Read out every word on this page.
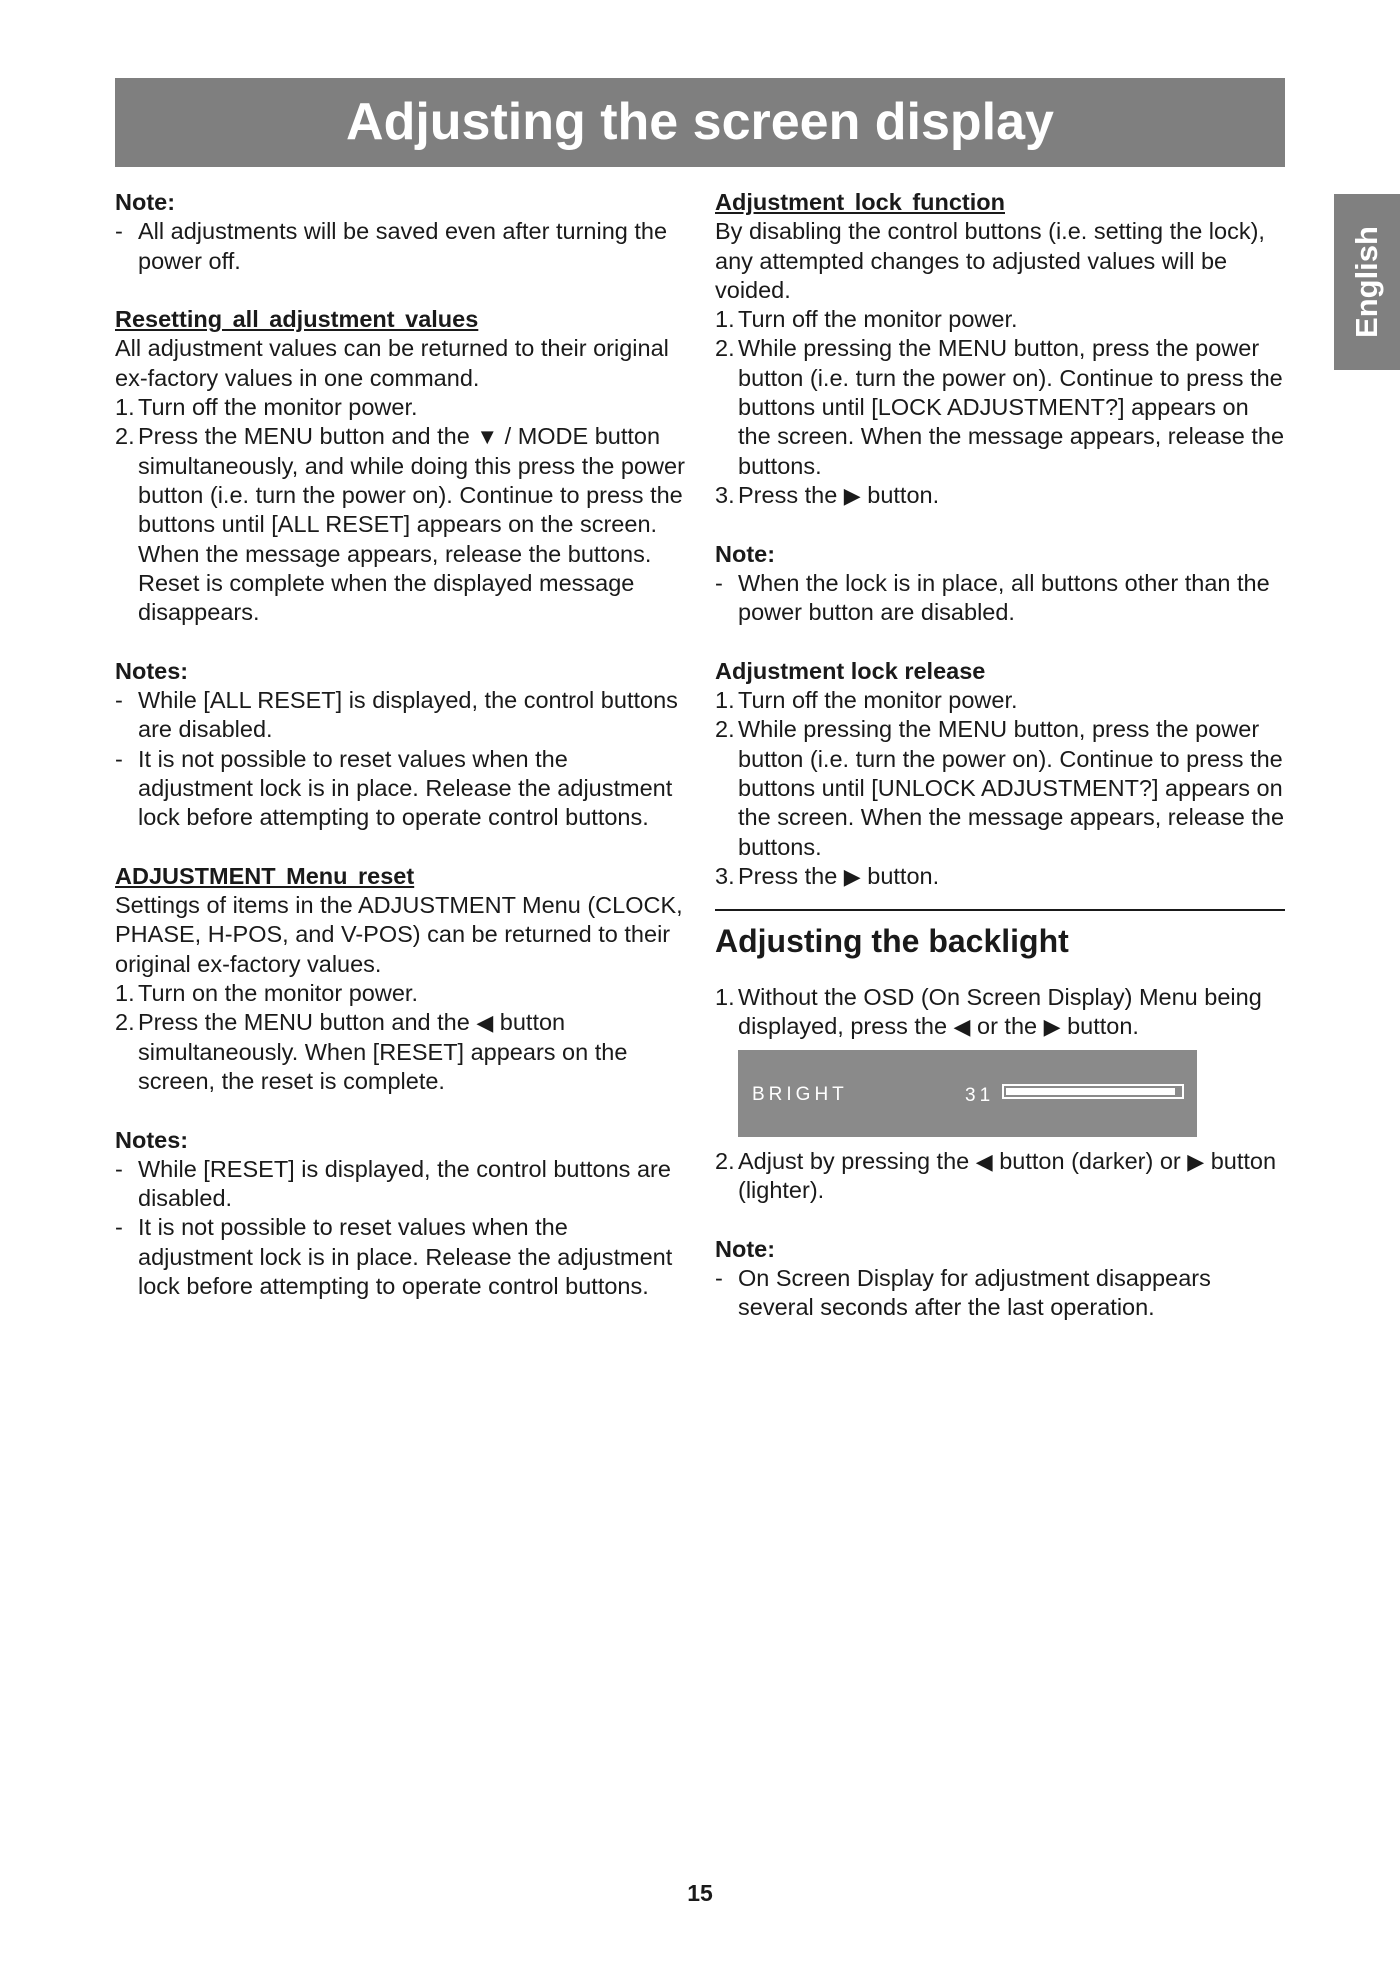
Adjusting the screen display
English
Note:
- All adjustments will be saved even after turning the power off.
Resetting all adjustment values
All adjustment values can be returned to their original ex-factory values in one command.
1. Turn off the monitor power.
2. Press the MENU button and the ▼ / MODE button simultaneously, and while doing this press the power button (i.e. turn the power on). Continue to press the buttons until [ALL RESET] appears on the screen. When the message appears, release the buttons.
Reset is complete when the displayed message disappears.
Notes:
- While [ALL RESET] is displayed, the control buttons are disabled.
- It is not possible to reset values when the adjustment lock is in place. Release the adjustment lock before attempting to operate control buttons.
ADJUSTMENT Menu reset
Settings of items in the ADJUSTMENT Menu (CLOCK, PHASE, H-POS, and V-POS) can be returned to their original ex-factory values.
1. Turn on the monitor power.
2. Press the MENU button and the ◀ button simultaneously. When [RESET] appears on the screen, the reset is complete.
Notes:
- While [RESET] is displayed, the control buttons are disabled.
- It is not possible to reset values when the adjustment lock is in place. Release the adjustment lock before attempting to operate control buttons.
Adjustment lock function
By disabling the control buttons (i.e. setting the lock), any attempted changes to adjusted values will be voided.
1. Turn off the monitor power.
2. While pressing the MENU button, press the power button (i.e. turn the power on). Continue to press the buttons until [LOCK ADJUSTMENT?] appears on the screen. When the message appears, release the buttons.
3. Press the ▶ button.
Note:
- When the lock is in place, all buttons other than the power button are disabled.
Adjustment lock release
1. Turn off the monitor power.
2. While pressing the MENU button, press the power button (i.e. turn the power on). Continue to press the buttons until [UNLOCK ADJUSTMENT?] appears on the screen. When the message appears, release the buttons.
3. Press the ▶ button.
Adjusting the backlight
1. Without the OSD (On Screen Display) Menu being displayed, press the ◀ or the ▶ button.
BRIGHT	31
2. Adjust by pressing the ◀ button (darker) or ▶ button (lighter).
Note:
- On Screen Display for adjustment disappears several seconds after the last operation.
15
